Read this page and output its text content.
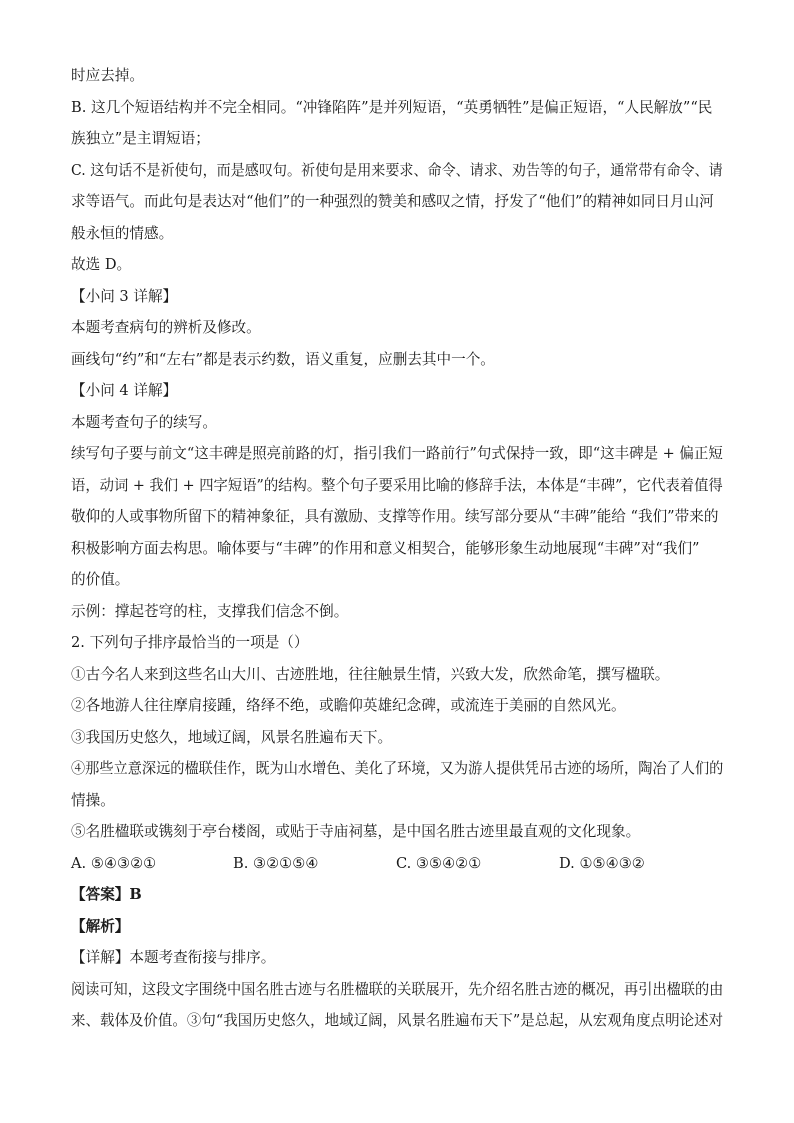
时应去掉。
B. 这几个短语结构并不完全相同。“冲锋陷阵”是并列短语，“英勇牺牲”是偏正短语，“人民解放”“民
族独立”是主谓短语；
C. 这句话不是祈使句，而是感叹句。祈使句是用来要求、命令、请求、劝告等的句子，通常带有命令、请
求等语气。而此句是表达对“他们”的一种强烈的赞美和感叹之情，抒发了“他们”的精神如同日月山河
般永恒的情感。
故选 D。
【小问 3 详解】
本题考查病句的辨析及修改。
画线句“约”和“左右”都是表示约数，语义重复，应删去其中一个。
【小问 4 详解】
本题考查句子的续写。
续写句子要与前文“这丰碑是照亮前路的灯，指引我们一路前行”句式保持一致，即“这丰碑是 + 偏正短
语，动词 + 我们 + 四字短语”的结构。整个句子要采用比喻的修辞手法，本体是“丰碑”，它代表着值得
敬仰的人或事物所留下的精神象征，具有激励、支撑等作用。续写部分要从“丰碑”能给 “我们”带来的
积极影响方面去构思。喻体要与“丰碑”的作用和意义相契合，能够形象生动地展现“丰碑”对“我们”
的价值。
示例：撑起苍穹的柱，支撑我们信念不倒。
2. 下列句子排序最恰当的一项是（）
①古今名人来到这些名山大川、古迹胜地，往往触景生情，兴致大发，欣然命笔，撰写楹联。
②各地游人往往摩肩接踵，络绎不绝，或瞻仰英雄纪念碑，或流连于美丽的自然风光。
③我国历史悠久，地域辽阔，风景名胜遍布天下。
④那些立意深远的楹联佳作，既为山水增色、美化了环境，又为游人提供凭吊古迹的场所，陶冶了人们的
情操。
⑤名胜楹联或镌刻于亭台楼阁，或贴于寺庙祠墓，是中国名胜古迹里最直观的文化现象。
A. ⑤④③②①	B. ③②①⑤④	C. ③⑤④②①	D. ①⑤④③②
【答案】B
【解析】
【详解】本题考查衔接与排序。
阅读可知，这段文字围绕中国名胜古迹与名胜楹联的关联展开，先介绍名胜古迹的概况，再引出楹联的由
来、载体及价值。③句“我国历史悠久，地域辽阔，风景名胜遍布天下”是总起，从宏观角度点明论述对
